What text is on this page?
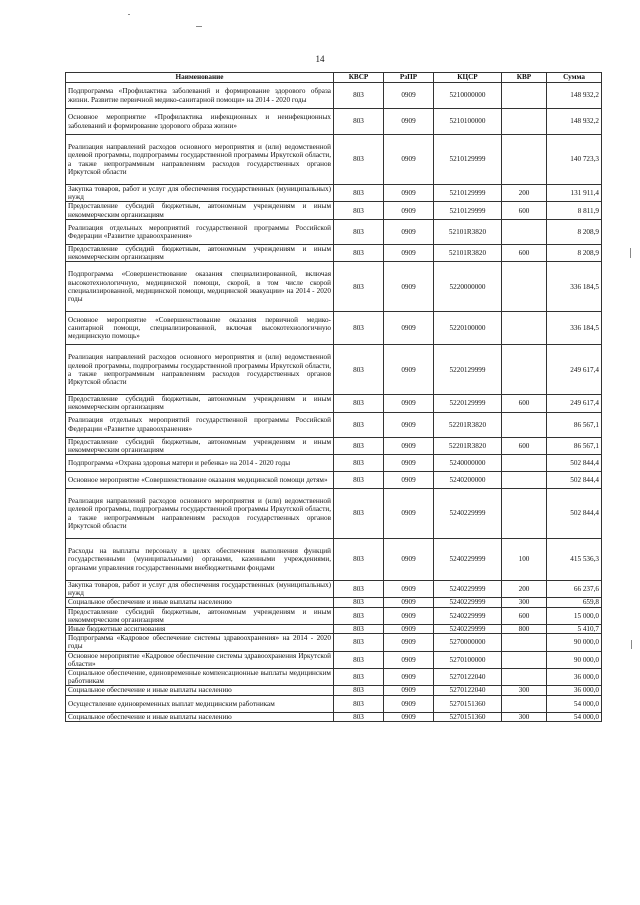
14
Наименование	КВСР	РзПР	КЦСР	КВР	Сумма
Подпрограмма «Профилактика заболеваний и формирование здорового образа жизни. Развитие первичной медико-санитарной помощи» на 2014 - 2020 годы	803	0909	5210000000		148 932,2
Основное мероприятие «Профилактика инфекционных и неинфекционных заболеваний и формирование здорового образа жизни»	803	0909	5210100000		148 932,2
Реализация направлений расходов основного мероприятия и (или) ведомственной целевой программы, подпрограммы государственной программы Иркутской области, а также непрограммным направлениям расходов государственных органов Иркутской области	803	0909	5210129999		140 723,3
Закупка товаров, работ и услуг для обеспечения государственных (муниципальных) нужд	803	0909	5210129999	200	131 911,4
Предоставление субсидий бюджетным, автономным учреждениям и иным некоммерческим организациям	803	0909	5210129999	600	8 811,9
Реализация отдельных мероприятий государственной программы Российской Федерации «Развитие здравоохранения»	803	0909	52101R3820		8 208,9
Предоставление субсидий бюджетным, автономным учреждениям и иным некоммерческим организациям	803	0909	52101R3820	600	8 208,9
Подпрограмма «Совершенствование оказания специализированной, включая высокотехнологичную, медицинской помощи, скорой, в том числе скорой специализированной, медицинской помощи, медицинской эвакуации» на 2014 - 2020 годы	803	0909	5220000000		336 184,5
Основное мероприятие «Совершенствование оказания первичной медико-санитарной помощи, специализированной, включая высокотехнологичную медицинскую помощь»	803	0909	5220100000		336 184,5
Реализация направлений расходов основного мероприятия и (или) ведомственной целевой программы, подпрограммы государственной программы Иркутской области, а также непрограммным направлениям расходов государственных органов Иркутской области	803	0909	5220129999		249 617,4
Предоставление субсидий бюджетным, автономным учреждениям и иным некоммерческим организациям	803	0909	5220129999	600	249 617,4
Реализация отдельных мероприятий государственной программы Российской Федерации «Развитие здравоохранения»	803	0909	52201R3820		86 567,1
Предоставление субсидий бюджетным, автономным учреждениям и иным некоммерческим организациям	803	0909	52201R3820	600	86 567,1
Подпрограмма «Охрана здоровья матери и ребенка» на 2014 - 2020 годы	803	0909	5240000000		502 844,4
Основное мероприятие «Совершенствование оказания медицинской помощи детям»	803	0909	5240200000		502 844,4
Реализация направлений расходов основного мероприятия и (или) ведомственной целевой программы, подпрограммы государственной программы Иркутской области, а также непрограммным направлениям расходов государственных органов Иркутской области	803	0909	5240229999		502 844,4
Расходы на выплаты персоналу в целях обеспечения выполнения функций государственными (муниципальными) органами, казенными учреждениями, органами управления государственными внебюджетными фондами	803	0909	5240229999	100	415 536,3
Закупка товаров, работ и услуг для обеспечения государственных (муниципальных) нужд	803	0909	5240229999	200	66 237,6
Социальное обеспечение и иные выплаты населению	803	0909	5240229999	300	659,8
Предоставление субсидий бюджетным, автономным учреждениям и иным некоммерческим организациям	803	0909	5240229999	600	15 000,0
Иные бюджетные ассигнования	803	0909	5240229999	800	5 410,7
Подпрограмма «Кадровое обеспечение системы здравоохранения» на 2014 - 2020 годы	803	0909	5270000000		90 000,0
Основное мероприятие «Кадровое обеспечение системы здравоохранения Иркутской области»	803	0909	5270100000		90 000,0
Социальное обеспечение, единовременные компенсационные выплаты медицинским работникам	803	0909	5270122040		36 000,0
Социальное обеспечение и иные выплаты населению	803	0909	5270122040	300	36 000,0
Осуществление единовременных выплат медицинским работникам	803	0909	5270151360		54 000,0
Социальное обеспечение и иные выплаты населению	803	0909	5270151360	300	54 000,0
